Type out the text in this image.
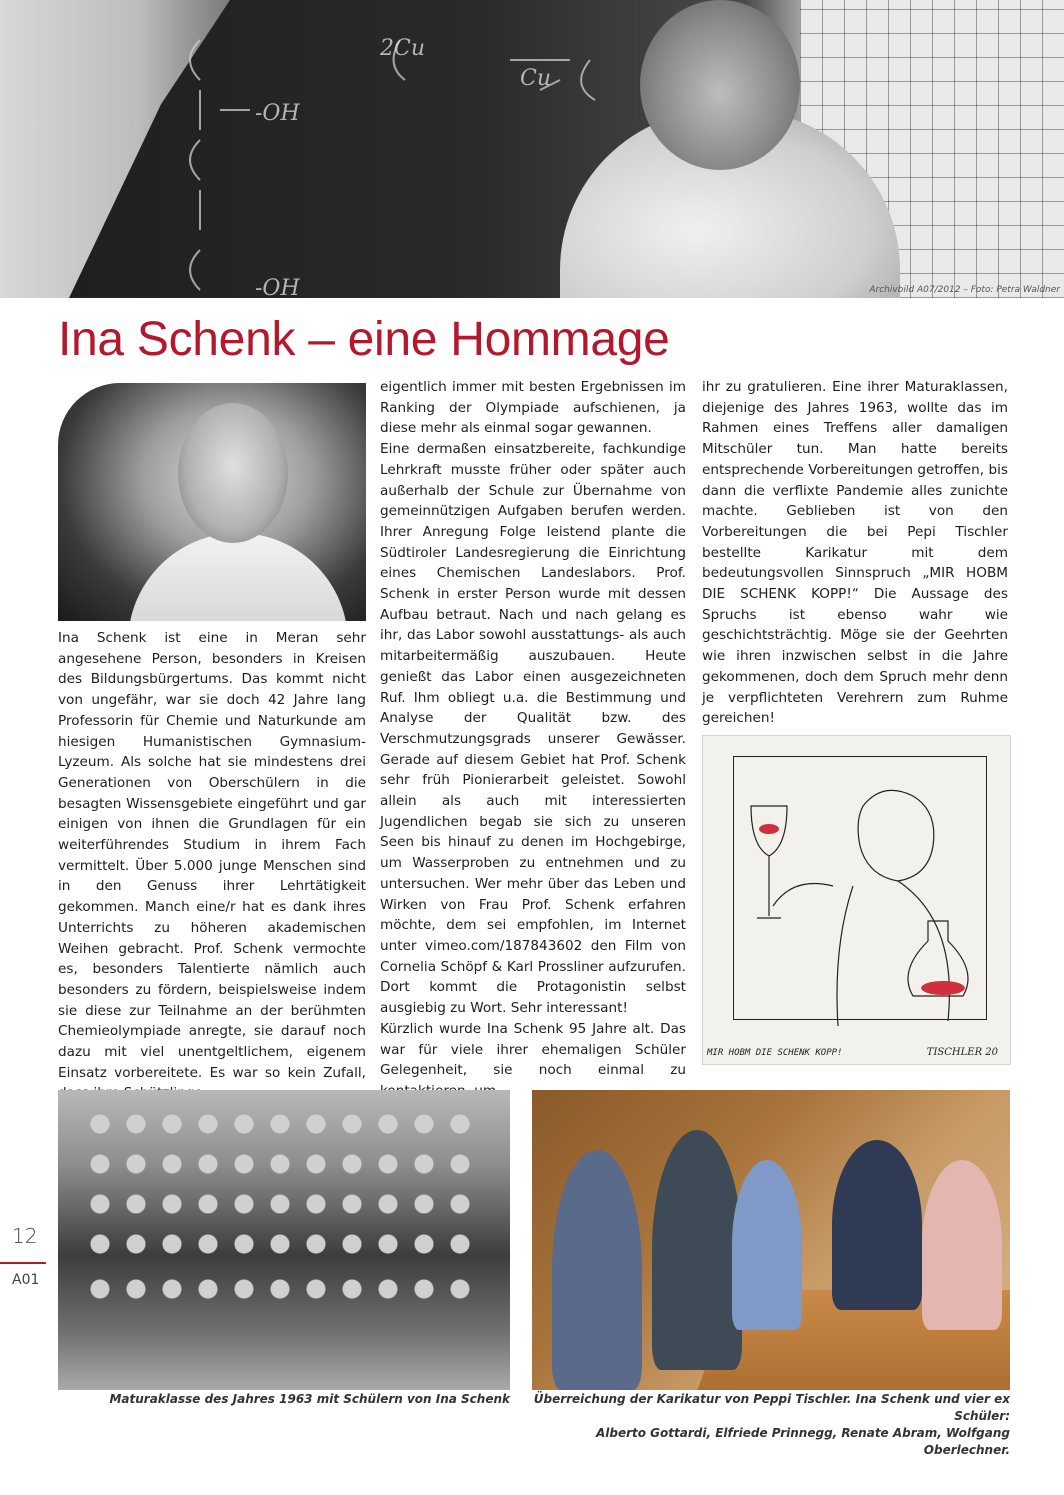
-OH
2Cu
Cu
-OH	Archivbild A07/2012 – Foto: Petra Waldner
Ina Schenk – eine Hommage

Ina Schenk ist eine in Meran sehr angesehene Person, besonders in Kreisen des Bildungsbürgertums. Das kommt nicht von ungefähr, war sie doch 42 Jahre lang Professorin für Chemie und Naturkunde am hiesigen Humanistischen Gymnasium-Lyzeum. Als solche hat sie mindestens drei Generationen von Oberschülern in die besagten Wissensgebiete eingeführt und gar einigen von ihnen die Grundlagen für ein weiterführendes Studium in ihrem Fach vermittelt. Über 5.000 junge Menschen sind in den Genuss ihrer Lehrtätigkeit gekommen. Manch eine/r hat es dank ihres Unterrichts zu höheren akademischen Weihen gebracht. Prof. Schenk vermochte es, besonders Talentierte nämlich auch besonders zu fördern, beispielsweise indem sie diese zur Teilnahme an der berühmten Chemieolympiade anregte, sie darauf noch dazu mit viel unentgeltlichem, eigenem Einsatz vorbereitete. Es war so kein Zufall,

eigentlich immer mit besten Ergebnissen im Ranking der Olympiade aufschienen, ja diese mehr als einmal sogar gewannen.

Eine dermaßen einsatzbereite, fachkundige Lehrkraft musste früher oder später auch außerhalb der Schule zur Übernahme von gemeinnützigen Aufgaben berufen werden. Ihrer Anregung Folge leistend plante die Südtiroler Landesregierung die Einrichtung eines Chemischen Landeslabors. Prof. Schenk in erster Person wurde mit dessen Aufbau betraut. Nach und nach gelang es ihr, das Labor sowohl ausstattungs- als auch mitarbeitermäßig auszubauen. Heute genießt das Labor einen ausgezeichneten Ruf. Ihm obliegt u.a. die Bestimmung und Analyse der Qualität bzw. des Verschmutzungsgrads unserer Gewässer. Gerade auf diesem Gebiet hat Prof. Schenk sehr früh Pionierarbeit geleistet. Sowohl allein als auch mit interessierten Jugendlichen begab sie sich zu unseren Seen bis hinauf zu denen im Hochgebirge, um Wasserproben zu entnehmen und zu untersuchen. Wer mehr über das Leben und Wirken von Frau Prof. Schenk erfahren möchte, dem sei empfohlen, im Internet unter vimeo.com/187843602 den Film von Cornelia Schöpf & Karl Prossliner aufzurufen. Dort kommt die Protagonistin selbst ausgiebig zu Wort. Sehr interessant!

Kürzlich wurde Ina Schenk 95 Jahre alt. Das war für viele ihrer ehemaligen Schüler Gelegenheit, sie noch einmal zu

ihr zu gratulieren. Eine ihrer Maturaklassen, diejenige des Jahres 1963, wollte das im Rahmen eines Treffens aller damaligen Mitschüler tun. Man hatte bereits entsprechende Vorbereitungen getroffen, bis dann die verflixte Pandemie alles zunichte machte. Geblieben ist von den Vorbereitungen die bei Pepi Tischler bestellte Karikatur mit dem bedeutungsvollen Sinnspruch „MIR HOBM DIE SCHENK KOPP!“ Die Aussage des Spruchs ist ebenso wahr wie geschichtsträchtig. Möge sie der Geehrten wie ihren inzwischen selbst in die Jahre gekommenen, doch dem Spruch mehr denn je verpflichteten Verehrern zum Ruhme gereichen!

MIR HOBM DIE SCHENK KOPP!	TISCHLER 20
Maturaklasse des Jahres 1963 mit Schülern von Ina Schenk Überreichung der Karikatur von Peppi Tischler. Ina Schenk und vier ex Schüler:
Alberto Gottardi, Elfriede Prinnegg, Renate Abram, Wolfgang Oberlechner.
12
A01
